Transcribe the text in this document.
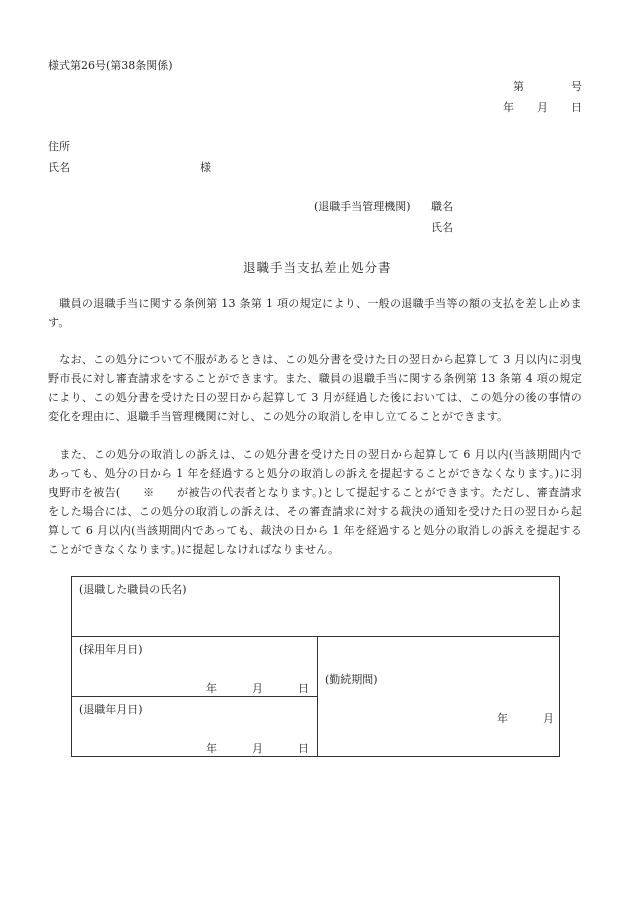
様式第26号(第38条関係)
第	号
年 月 日
住所
氏名	様
(退職手当管理機関) 職名
氏名
退職手当支払差止処分書
　職員の退職手当に関する条例第 13 条第 1 項の規定により、一般の退職手当等の額の支払を差し止めます。
　なお、この処分について不服があるときは、この処分書を受けた日の翌日から起算して 3 月以内に羽曳野市長に対し審査請求をすることができます。また、職員の退職手当に関する条例第 13 条第 4 項の規定により、この処分書を受けた日の翌日から起算して 3 月が経過した後においては、この処分の後の事情の変化を理由に、退職手当管理機関に対し、この処分の取消しを申し立てることができます。
　また、この処分の取消しの訴えは、この処分書を受けた日の翌日から起算して 6 月以内(当該期間内であっても、処分の日から 1 年を経過すると処分の取消しの訴えを提起することができなくなります。)に羽曳野市を被告(　　※　　が被告の代表者となります。)として提起することができます。ただし、審査請求をした場合には、この処分の取消しの訴えは、その審査請求に対する裁決の通知を受けた日の翌日から起算して 6 月以内(当該期間内であっても、裁決の日から 1 年を経過すると処分の取消しの訴えを提起することができなくなります。)に提起しなければなりません。
(退職した職員の氏名)
(採用年月日)
年	月	日
(退職年月日)
年	月	日
(勤続期間)
年	月
